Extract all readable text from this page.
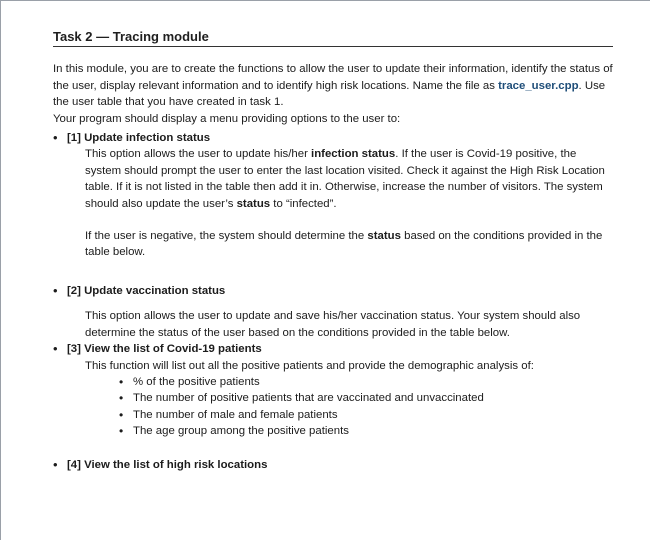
Task 2 — Tracing module

In this module, you are to create the functions to allow the user to update their information, identify the status of the user, display relevant information and to identify high risk locations. Name the file as trace_user.cpp. Use the user table that you have created in task 1.

Your program should display a menu providing options to the user to:

• [1] Update infection status

This option allows the user to update his/her infection status. If the user is Covid-19 positive, the system should prompt the user to enter the last location visited. Check it against the High Risk Location table. If it is not listed in the table then add it in. Otherwise, increase the number of visitors. The system should also update the user’s status to “infected”.

If the user is negative, the system should determine the status based on the conditions provided in the table below.

• [2] Update vaccination status
This option allows the user to update and save his/her vaccination status. Your system should also determine the status of the user based on the conditions provided in the table below.
• [3] View the list of Covid-19 patients
This function will list out all the positive patients and provide the demographic analysis of:
• % of the positive patients
• The number of positive patients that are vaccinated and unvaccinated
• The number of male and female patients
• The age group among the positive patients
• [4] View the list of high risk locations
